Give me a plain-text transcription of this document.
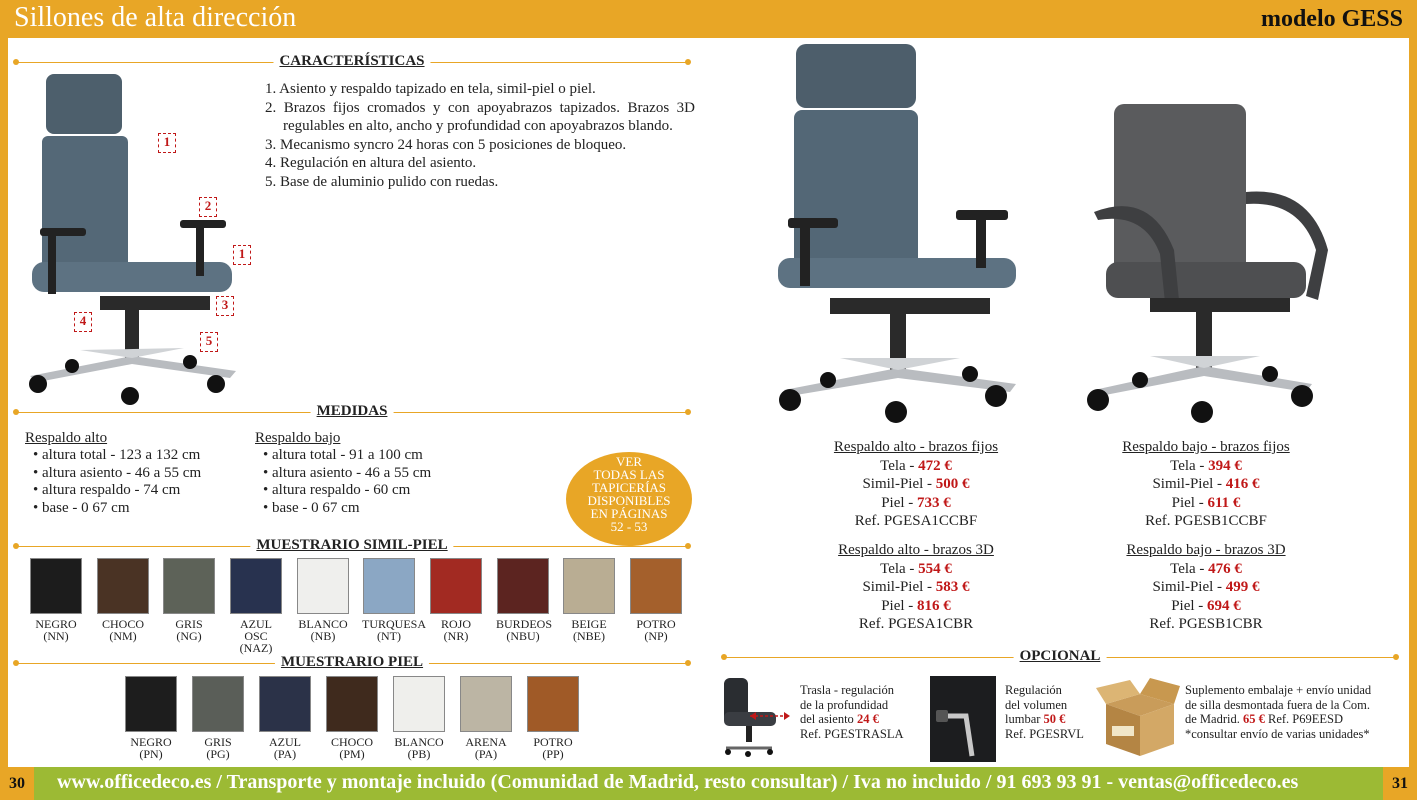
Sillones de alta dirección	modelo GESS
1
2
1
3
4
5
CARACTERÍSTICAS
1. Asiento y respaldo tapizado en tela, simil-piel o piel.
2. Brazos fijos cromados y con apoyabrazos tapizados. Brazos 3D regulables en alto, ancho y profundidad con apoyabrazos blando.
3. Mecanismo syncro 24 horas con 5 posiciones de bloqueo.
4. Regulación en altura del asiento.
5. Base de aluminio pulido con ruedas.
MEDIDAS
Respaldo alto
• altura total - 123 a 132 cm
• altura asiento - 46 a 55 cm
• altura respaldo - 74 cm
• base - 0 67 cm
Respaldo bajo
• altura total - 91 a 100 cm
• altura asiento - 46 a 55 cm
• altura respaldo - 60 cm
• base - 0 67 cm
MUESTRARIO SIMIL-PIEL
VER
TODAS LAS
TAPICERÍAS
DISPONIBLES
EN PÁGINAS
52 - 53
NEGRO
(NN)
CHOCO
(NM)
GRIS
(NG)
AZUL OSC
(NAZ)
BLANCO
(NB)
TURQUESA
(NT)
ROJO
(NR)
BURDEOS
(NBU)
BEIGE
(NBE)
POTRO
(NP)
MUESTRARIO PIEL
NEGRO
(PN)
GRIS
(PG)
AZUL
(PA)
CHOCO
(PM)
BLANCO
(PB)
ARENA
(PA)
POTRO
(PP)
Respaldo alto - brazos fijos
Tela - 472 €
Simil-Piel - 500 €
Piel - 733 €
Ref. PGESA1CCBF
Respaldo bajo - brazos fijos
Tela - 394 €
Simil-Piel - 416 €
Piel - 611 €
Ref. PGESB1CCBF
Respaldo alto - brazos 3D
Tela - 554 €
Simil-Piel - 583 €
Piel - 816 €
Ref. PGESA1CBR
Respaldo bajo - brazos 3D
Tela - 476 €
Simil-Piel - 499 €
Piel - 694 €
Ref. PGESB1CBR
OPCIONAL
Trasla - regulación
de la profundidad
del asiento 24 €
Ref. PGESTRASLA
Regulación
del volumen
lumbar 50 €
Ref. PGESRVL
Suplemento embalaje + envío unidad
de silla desmontada fuera de la Com.
de Madrid. 65 € Ref. P69EESD
*consultar envío de varias unidades*
www.officedeco.es / Transporte y montaje incluido (Comunidad de Madrid, resto consultar) / Iva no incluido / 91 693 93 91 - ventas@officedeco.es
30	31
